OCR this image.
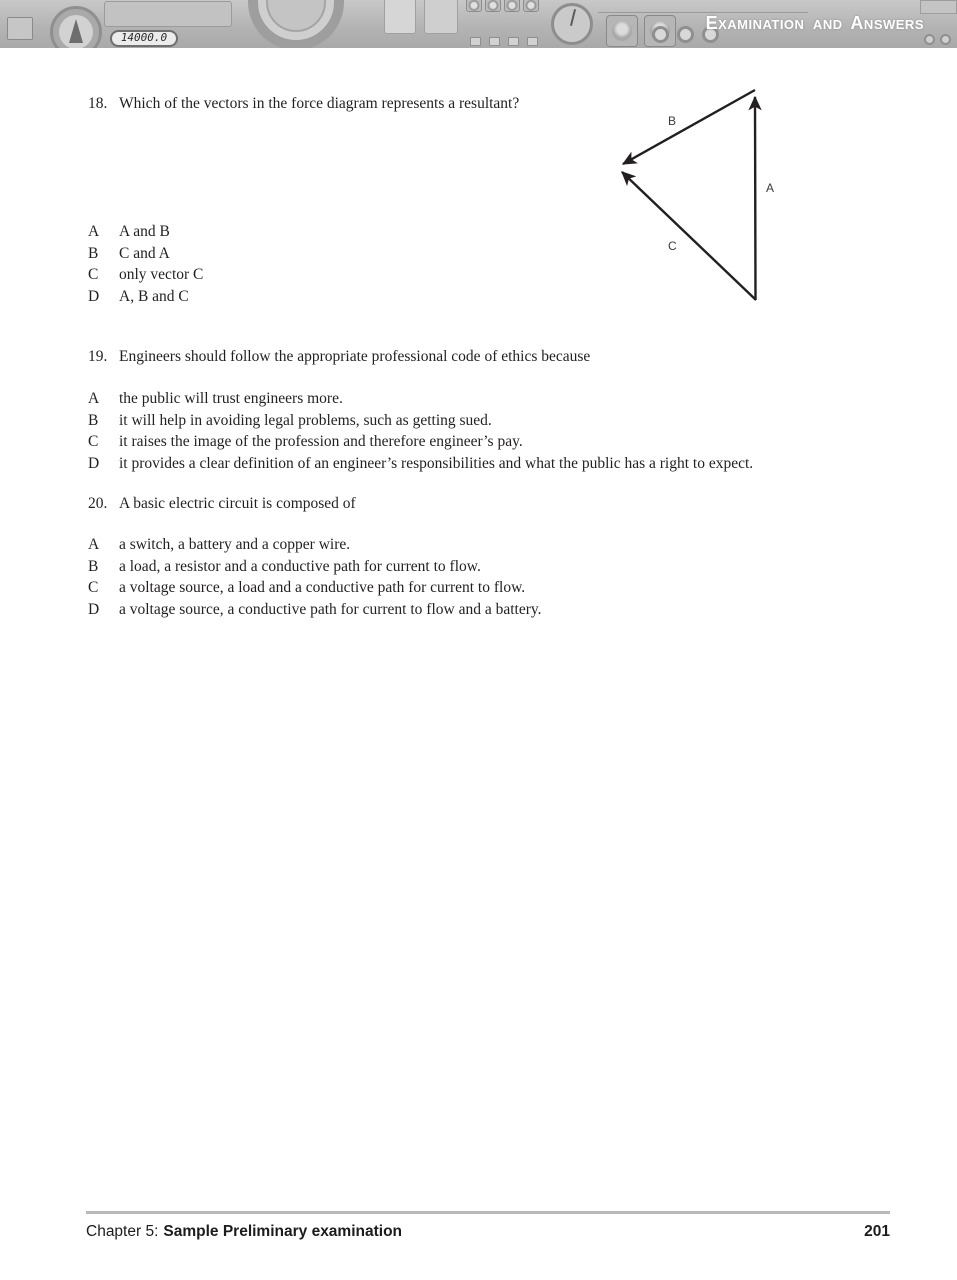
14000.0
Examination and Answers
18. Which of the vectors in the force diagram represents a resultant?
A	A and B
B	C and A
C	only vector C
D	A, B and C
B
A
C
19. Engineers should follow the appropriate professional code of ethics because
A	the public will trust engineers more.
B	it will help in avoiding legal problems, such as getting sued.
C	it raises the image of the profession and therefore engineer’s pay.
D	it provides a clear definition of an engineer’s responsibilities and what the public has a right to expect.
20. A basic electric circuit is composed of
A	a switch, a battery and a copper wire.
B	a load, a resistor and a conductive path for current to flow.
C	a voltage source, a load and a conductive path for current to flow.
D	a voltage source, a conductive path for current to flow and a battery.
Chapter 5: Sample Preliminary examination	201
